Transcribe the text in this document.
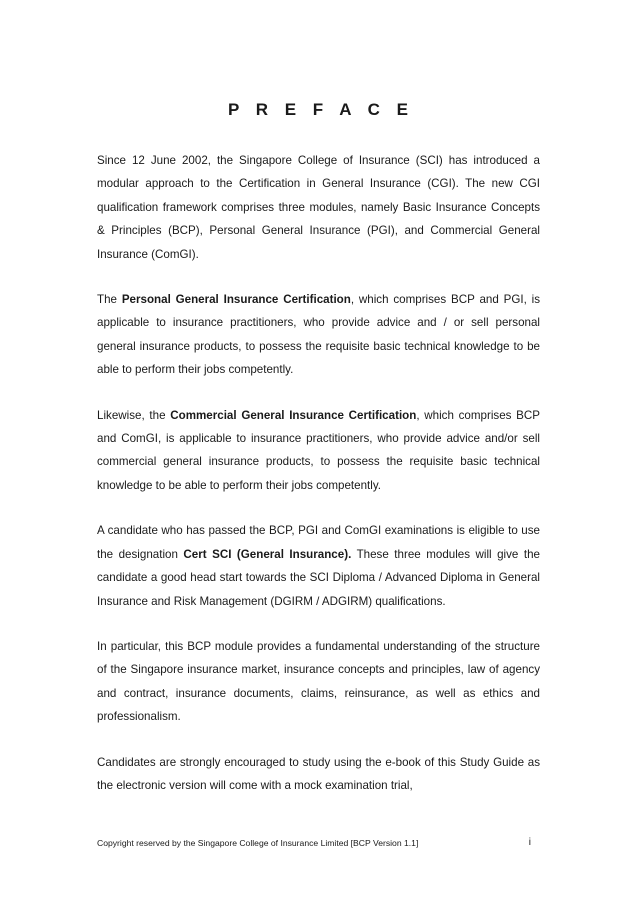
P R E F A C E

Since 12 June 2002, the Singapore College of Insurance (SCI) has introduced a modular approach to the Certification in General Insurance (CGI). The new CGI qualification framework comprises three modules, namely Basic Insurance Concepts & Principles (BCP), Personal General Insurance (PGI), and Commercial General Insurance (ComGI).

The Personal General Insurance Certification, which comprises BCP and PGI, is applicable to insurance practitioners, who provide advice and / or sell personal general insurance products, to possess the requisite basic technical knowledge to be able to perform their jobs competently.

Likewise, the Commercial General Insurance Certification, which comprises BCP and ComGI, is applicable to insurance practitioners, who provide advice and/or sell commercial general insurance products, to possess the requisite basic technical knowledge to be able to perform their jobs competently.

A candidate who has passed the BCP, PGI and ComGI examinations is eligible to use the designation Cert SCI (General Insurance). These three modules will give the candidate a good head start towards the SCI Diploma / Advanced Diploma in General Insurance and Risk Management (DGIRM / ADGIRM) qualifications.

In particular, this BCP module provides a fundamental understanding of the structure of the Singapore insurance market, insurance concepts and principles, law of agency and contract, insurance documents, claims, reinsurance, as well as ethics and professionalism.

Candidates are strongly encouraged to study using the e-book of this Study Guide as the electronic version will come with a mock examination trial,

Copyright reserved by the Singapore College of Insurance Limited [BCP Version 1.1]	i
